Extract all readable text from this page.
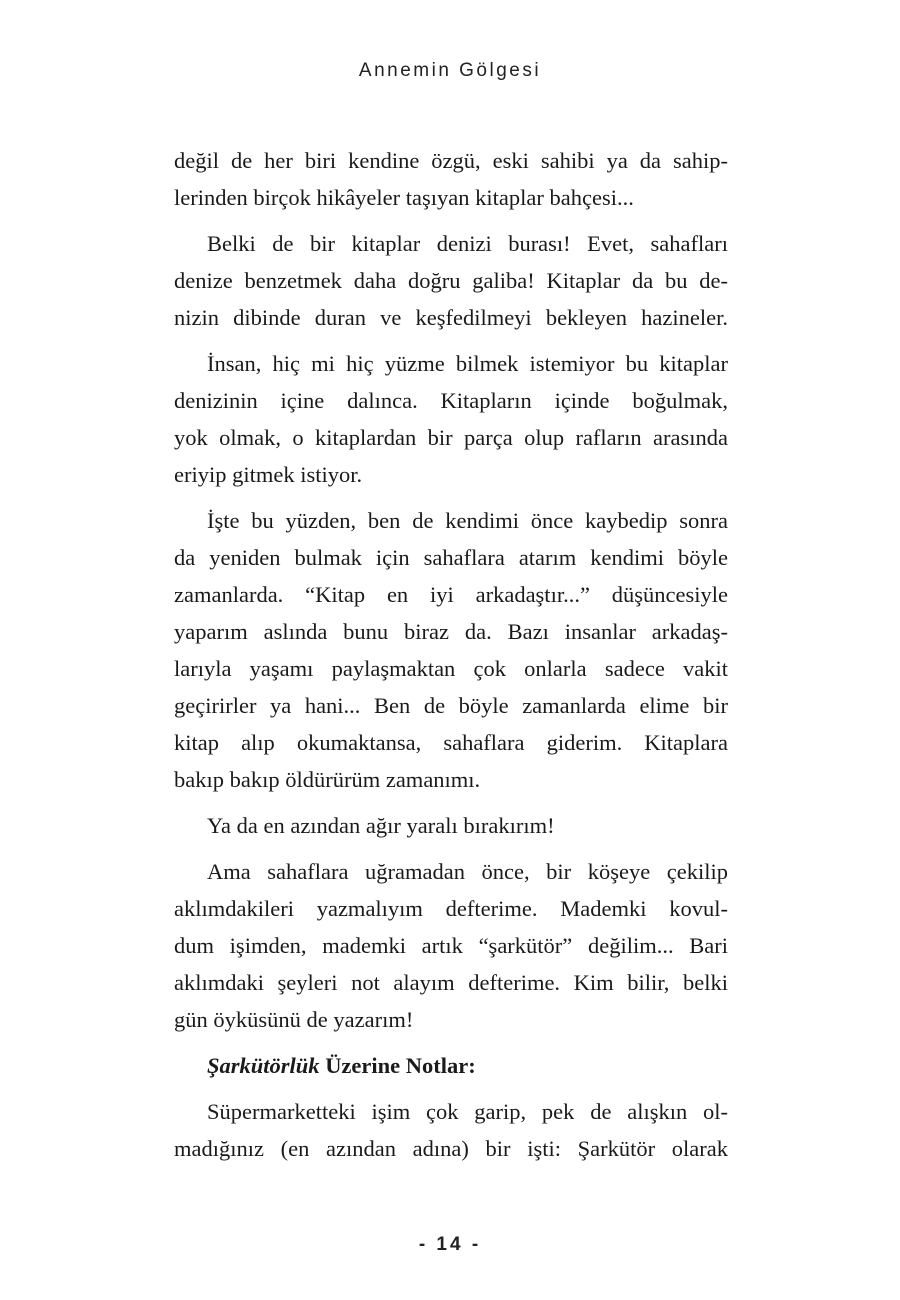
Annemin Gölgesi
değil de her biri kendine özgü, eski sahibi ya da sahip-
lerinden birçok hikâyeler taşıyan kitaplar bahçesi...
Belki de bir kitaplar denizi burası! Evet, sahafları
denize benzetmek daha doğru galiba! Kitaplar da bu de-
nizin dibinde duran ve keşfedilmeyi bekleyen hazineler.
İnsan, hiç mi hiç yüzme bilmek istemiyor bu kitaplar
denizinin içine dalınca. Kitapların içinde boğulmak,
yok olmak, o kitaplardan bir parça olup rafların arasında
eriyip gitmek istiyor.
İşte bu yüzden, ben de kendimi önce kaybedip sonra
da yeniden bulmak için sahaflara atarım kendimi böyle
zamanlarda. “Kitap en iyi arkadaştır...” düşüncesiyle
yaparım aslında bunu biraz da. Bazı insanlar arkadaş-
larıyla yaşamı paylaşmaktan çok onlarla sadece vakit
geçirirler ya hani... Ben de böyle zamanlarda elime bir
kitap alıp okumaktansa, sahaflara giderim. Kitaplara
bakıp bakıp öldürürüm zamanımı.
Ya da en azından ağır yaralı bırakırım!
Ama sahaflara uğramadan önce, bir köşeye çekilip
aklımdakileri yazmalıyım defterime. Mademki kovul-
dum işimden, mademki artık “şarkütör” değilim... Bari
aklımdaki şeyleri not alayım defterime. Kim bilir, belki
gün öyküsünü de yazarım!
Şarkütörlük Üzerine Notlar:
Süpermarketteki işim çok garip, pek de alışkın ol-
madığınız (en azından adına) bir işti: Şarkütör olarak
- 14 -
